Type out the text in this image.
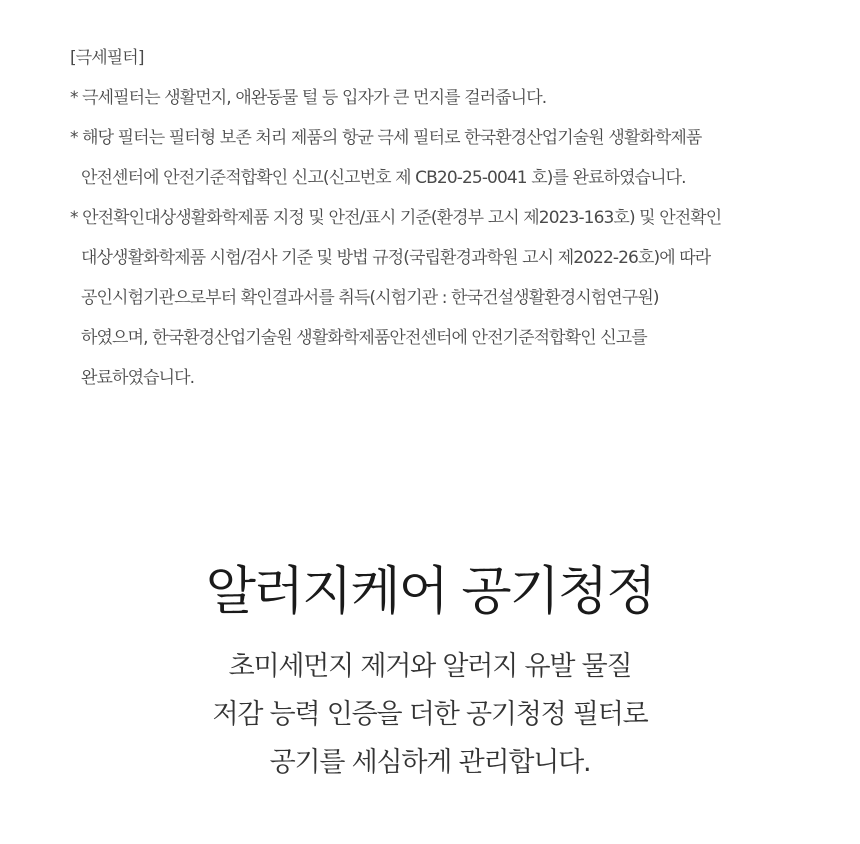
[극세필터]
* 극세필터는 생활먼지, 애완동물 털 등 입자가 큰 먼지를 걸러줍니다.
* 해당 필터는 필터형 보존 처리 제품의 항균 극세 필터로 한국환경산업기술원 생활화학제품
안전센터에 안전기준적합확인 신고(신고번호 제 CB20-25-0041 호)를 완료하였습니다.
* 안전확인대상생활화학제품 지정 및 안전/표시 기준(환경부 고시 제2023-163호) 및 안전확인
대상생활화학제품 시험/검사 기준 및 방법 규정(국립환경과학원 고시 제2022-26호)에 따라
공인시험기관으로부터 확인결과서를 취득(시험기관 : 한국건설생활환경시험연구원)
하였으며, 한국환경산업기술원 생활화학제품안전센터에 안전기준적합확인 신고를
완료하였습니다.
알러지케어 공기청정
초미세먼지 제거와 알러지 유발 물질
저감 능력 인증을 더한 공기청정 필터로
공기를 세심하게 관리합니다.
